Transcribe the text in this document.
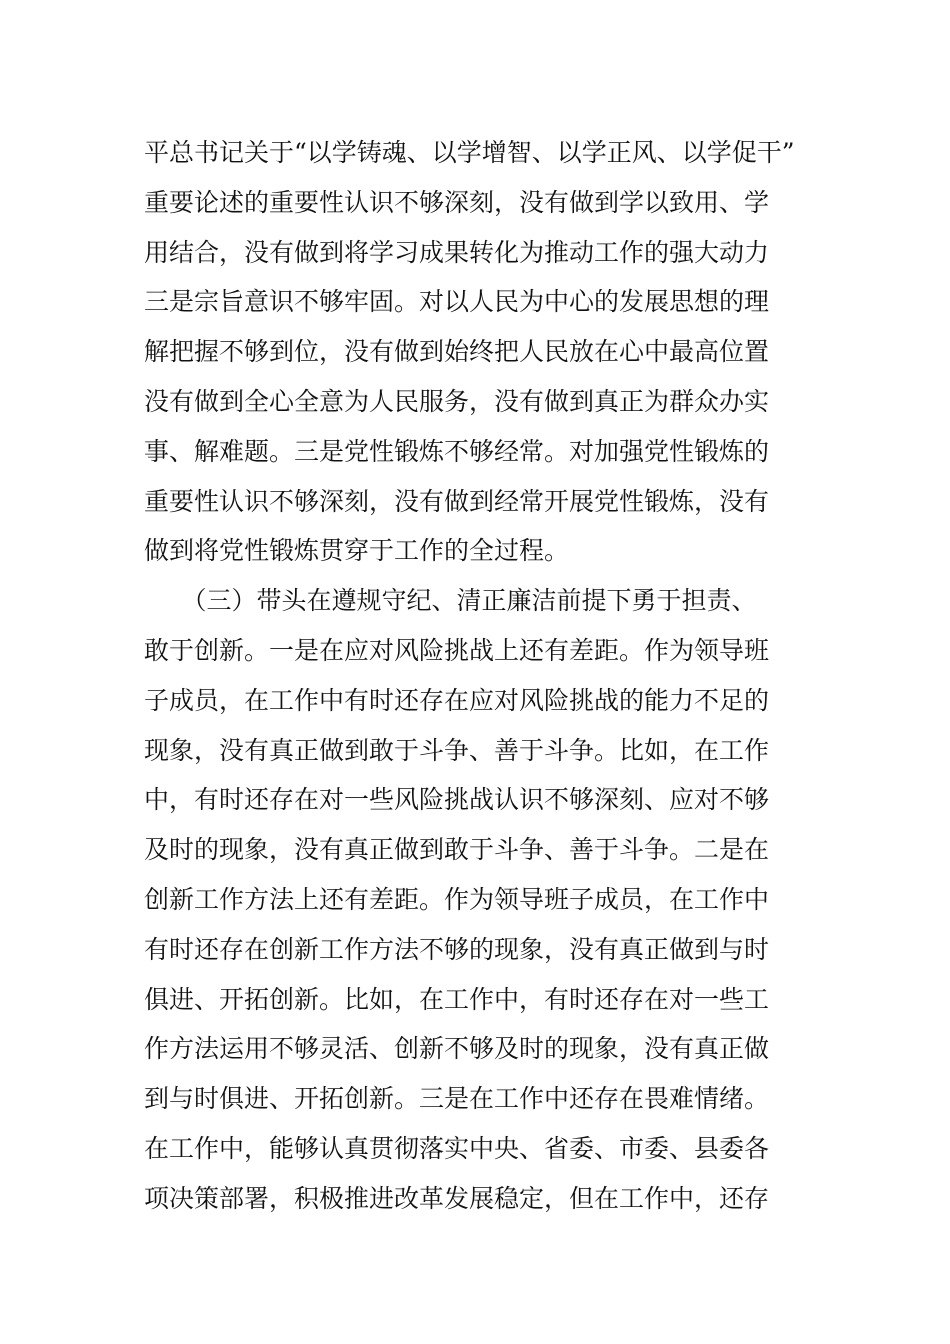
平总书记关于“以学铸魂、以学增智、以学正风、以学促干”
重要论述的重要性认识不够深刻，没有做到学以致用、学
用结合，没有做到将学习成果转化为推动工作的强大动力
三是宗旨意识不够牢固。对以人民为中心的发展思想的理
解把握不够到位，没有做到始终把人民放在心中最高位置
没有做到全心全意为人民服务，没有做到真正为群众办实
事、解难题。三是党性锻炼不够经常。对加强党性锻炼的
重要性认识不够深刻，没有做到经常开展党性锻炼，没有
做到将党性锻炼贯穿于工作的全过程。
　　（三）带头在遵规守纪、清正廉洁前提下勇于担责、
敢于创新。一是在应对风险挑战上还有差距。作为领导班
子成员，在工作中有时还存在应对风险挑战的能力不足的
现象，没有真正做到敢于斗争、善于斗争。比如，在工作
中，有时还存在对一些风险挑战认识不够深刻、应对不够
及时的现象，没有真正做到敢于斗争、善于斗争。二是在
创新工作方法上还有差距。作为领导班子成员，在工作中
有时还存在创新工作方法不够的现象，没有真正做到与时
俱进、开拓创新。比如，在工作中，有时还存在对一些工
作方法运用不够灵活、创新不够及时的现象，没有真正做
到与时俱进、开拓创新。三是在工作中还存在畏难情绪。
在工作中，能够认真贯彻落实中央、省委、市委、县委各
项决策部署，积极推进改革发展稳定，但在工作中，还存
